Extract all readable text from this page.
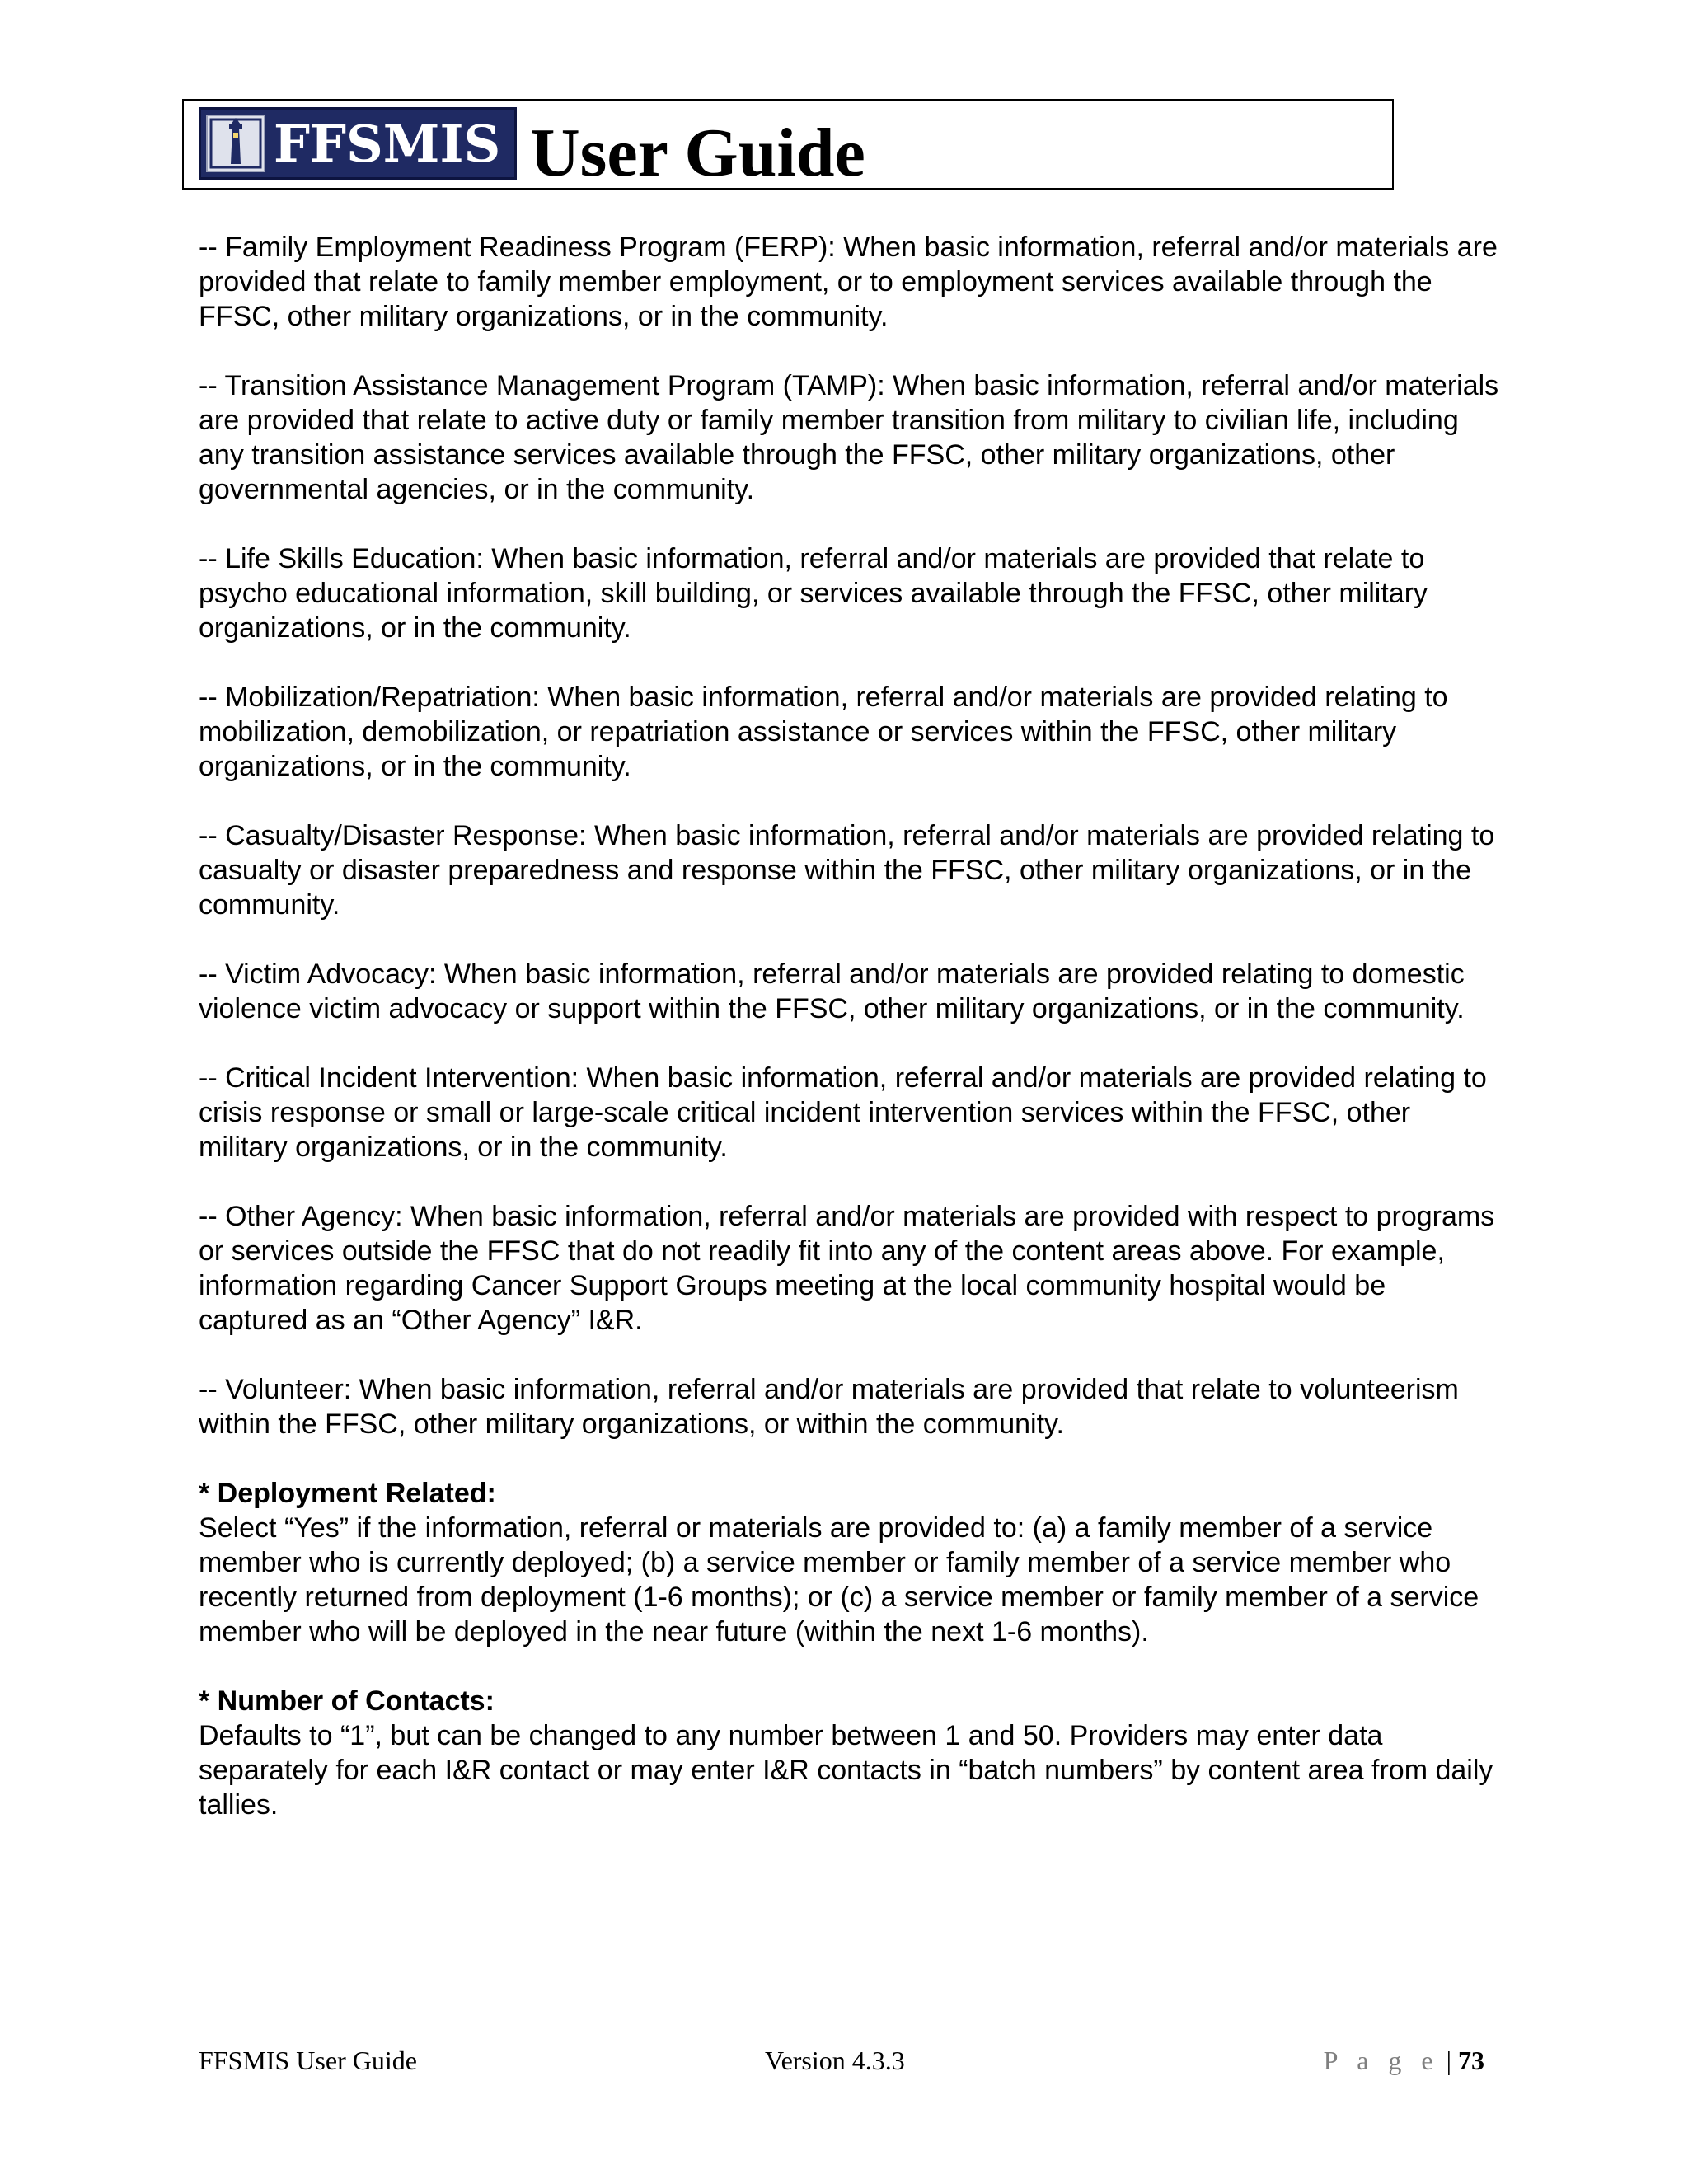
FFSMIS User Guide

-- Family Employment Readiness Program (FERP): When basic information, referral and/or materials are provided that relate to family member employment, or to employment services available through the FFSC, other military organizations, or in the community.

-- Transition Assistance Management Program (TAMP): When basic information, referral and/or materials are provided that relate to active duty or family member transition from military to civilian life, including any transition assistance services available through the FFSC, other military organizations, other governmental agencies, or in the community.

-- Life Skills Education: When basic information, referral and/or materials are provided that relate to psycho educational information, skill building, or services available through the FFSC, other military organizations, or in the community.

-- Mobilization/Repatriation: When basic information, referral and/or materials are provided relating to mobilization, demobilization, or repatriation assistance or services within the FFSC, other military organizations, or in the community.

-- Casualty/Disaster Response: When basic information, referral and/or materials are provided relating to casualty or disaster preparedness and response within the FFSC, other military organizations, or in the community.

-- Victim Advocacy: When basic information, referral and/or materials are provided relating to domestic violence victim advocacy or support within the FFSC, other military organizations, or in the community.

-- Critical Incident Intervention: When basic information, referral and/or materials are provided relating to crisis response or small or large-scale critical incident intervention services within the FFSC, other military organizations, or in the community.

-- Other Agency: When basic information, referral and/or materials are provided with respect to programs or services outside the FFSC that do not readily fit into any of the content areas above. For example, information regarding Cancer Support Groups meeting at the local community hospital would be captured as an “Other Agency” I&R.

-- Volunteer: When basic information, referral and/or materials are provided that relate to volunteerism within the FFSC, other military organizations, or within the community.

* Deployment Related:
Select “Yes” if the information, referral or materials are provided to: (a) a family member of a service member who is currently deployed; (b) a service member or family member of a service member who recently returned from deployment (1-6 months); or (c) a service member or family member of a service member who will be deployed in the near future (within the next 1-6 months).

* Number of Contacts:
Defaults to “1”, but can be changed to any number between 1 and 50. Providers may enter data separately for each I&R contact or may enter I&R contacts in “batch numbers” by content area from daily tallies.

FFSMIS User Guide	Version 4.3.3	P a g e | 73
